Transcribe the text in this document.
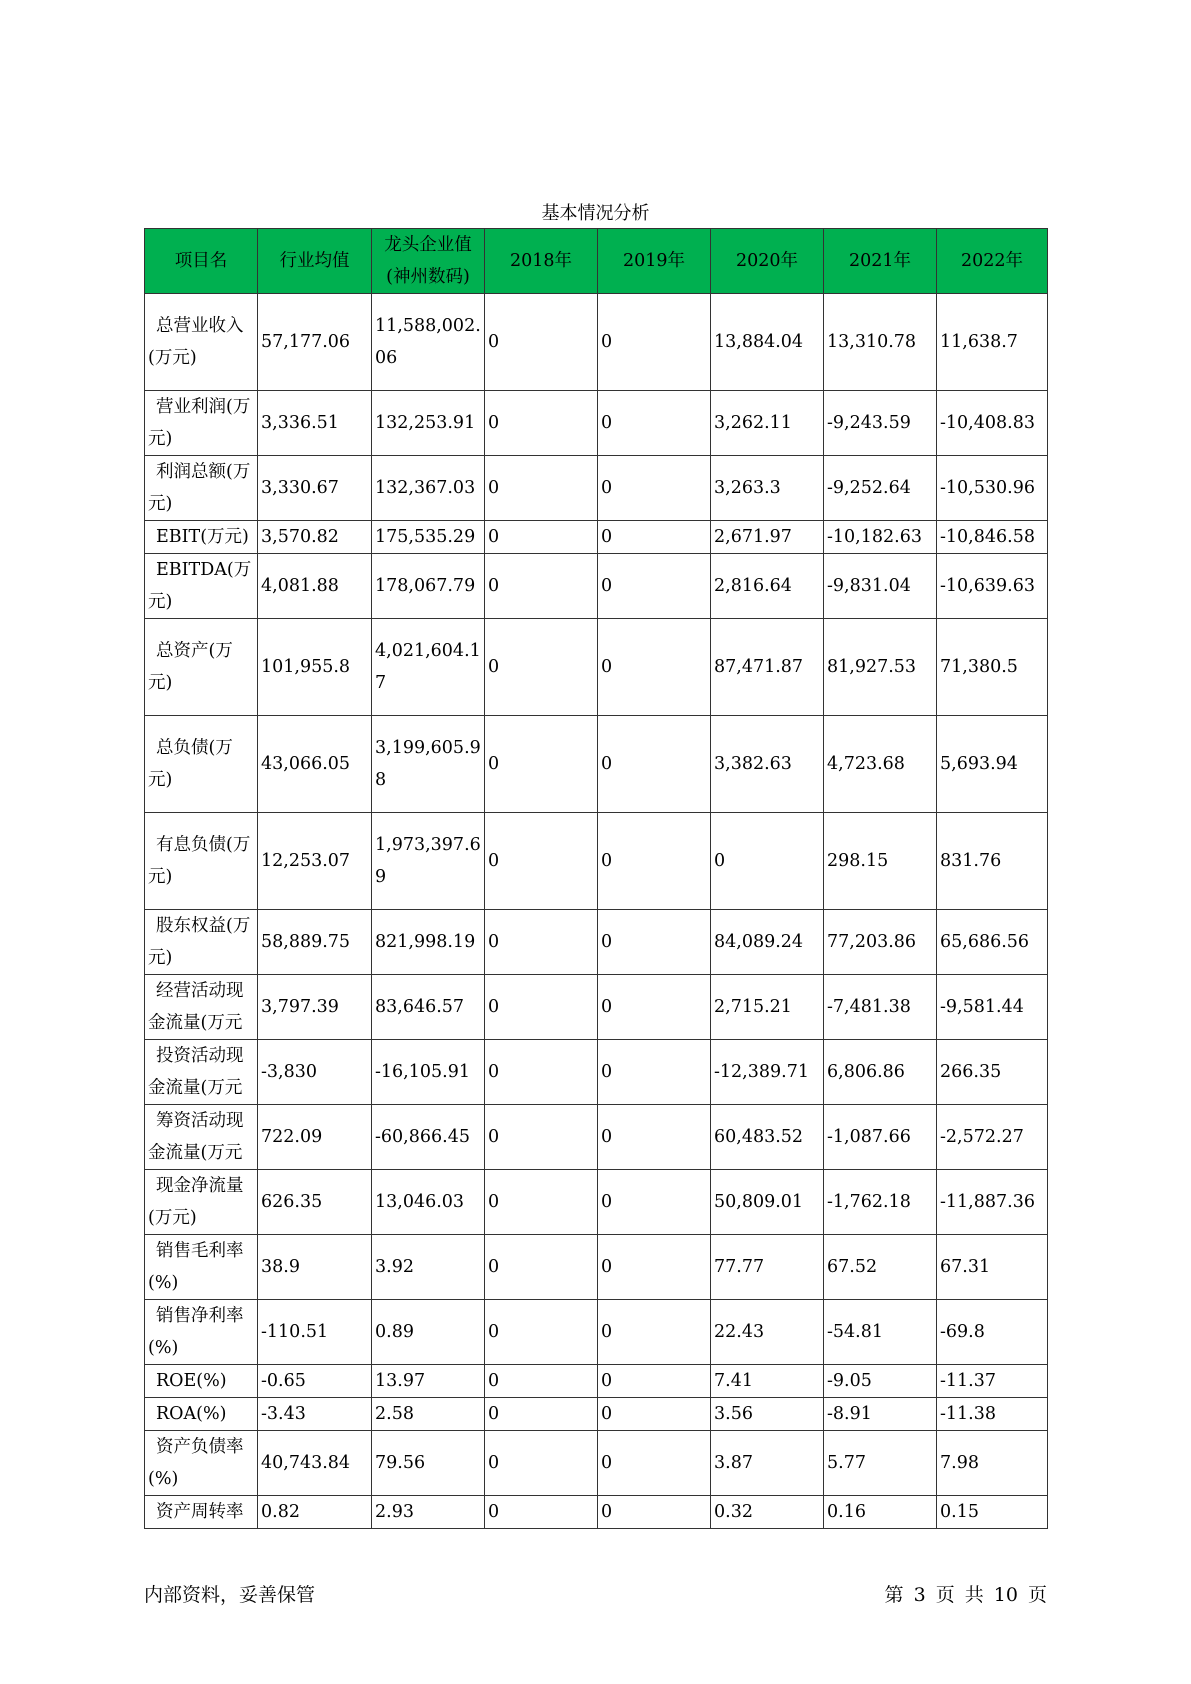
基本情况分析
项目名	行业均值	龙头企业值(神州数码)	2018年	2019年	2020年	2021年	2022年
总营业收入(万元)	57,177.06	11,588,002.06	0	0	13,884.04	13,310.78	11,638.7
营业利润(万元)	3,336.51	132,253.91	0	0	3,262.11	-9,243.59	-10,408.83
利润总额(万元)	3,330.67	132,367.03	0	0	3,263.3	-9,252.64	-10,530.96
EBIT(万元)	3,570.82	175,535.29	0	0	2,671.97	-10,182.63	-10,846.58
EBITDA(万元)	4,081.88	178,067.79	0	0	2,816.64	-9,831.04	-10,639.63
总资产(万元)	101,955.8	4,021,604.17	0	0	87,471.87	81,927.53	71,380.5
总负债(万元)	43,066.05	3,199,605.98	0	0	3,382.63	4,723.68	5,693.94
有息负债(万元)	12,253.07	1,973,397.69	0	0	0	298.15	831.76
股东权益(万元)	58,889.75	821,998.19	0	0	84,089.24	77,203.86	65,686.56
经营活动现金流量(万元	3,797.39	83,646.57	0	0	2,715.21	-7,481.38	-9,581.44
投资活动现金流量(万元	-3,830	-16,105.91	0	0	-12,389.71	6,806.86	266.35
筹资活动现金流量(万元	722.09	-60,866.45	0	0	60,483.52	-1,087.66	-2,572.27
现金净流量(万元)	626.35	13,046.03	0	0	50,809.01	-1,762.18	-11,887.36
销售毛利率(%)	38.9	3.92	0	0	77.77	67.52	67.31
销售净利率(%)	-110.51	0.89	0	0	22.43	-54.81	-69.8
ROE(%)	-0.65	13.97	0	0	7.41	-9.05	-11.37
ROA(%)	-3.43	2.58	0	0	3.56	-8.91	-11.38
资产负债率(%)	40,743.84	79.56	0	0	3.87	5.77	7.98
资产周转率	0.82	2.93	0	0	0.32	0.16	0.15
内部资料，妥善保管	第 3 页 共 10 页
